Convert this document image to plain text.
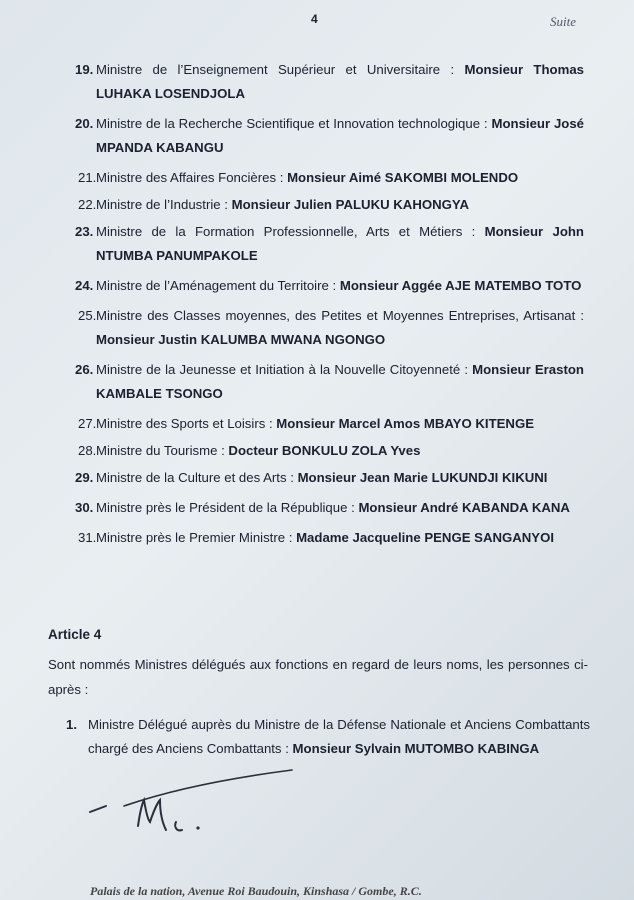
4	Suite
19. Ministre de l’Enseignement Supérieur et Universitaire : Monsieur Thomas LUHAKA LOSENDJOLA
20. Ministre de la Recherche Scientifique et Innovation technologique : Monsieur José MPANDA KABANGU
21. Ministre des Affaires Foncières : Monsieur Aimé SAKOMBI MOLENDO
22. Ministre de l’Industrie : Monsieur Julien PALUKU KAHONGYA
23. Ministre de la Formation Professionnelle, Arts et Métiers : Monsieur John NTUMBA PANUMPAKOLE
24. Ministre de l’Aménagement du Territoire : Monsieur Aggée AJE MATEMBO TOTO
25. Ministre des Classes moyennes, des Petites et Moyennes Entreprises, Artisanat : Monsieur Justin KALUMBA MWANA NGONGO
26. Ministre de la Jeunesse et Initiation à la Nouvelle Citoyenneté : Monsieur Eraston KAMBALE TSONGO
27. Ministre des Sports et Loisirs : Monsieur Marcel Amos MBAYO KITENGE
28. Ministre du Tourisme : Docteur BONKULU ZOLA Yves
29. Ministre de la Culture et des Arts : Monsieur Jean Marie LUKUNDJI KIKUNI
30. Ministre près le Président de la République : Monsieur André KABANDA KANA
31. Ministre près le Premier Ministre : Madame Jacqueline PENGE SANGANYOI
Article 4
Sont nommés Ministres délégués aux fonctions en regard de leurs noms, les personnes ci-après :
1. Ministre Délégué auprès du Ministre de la Défense Nationale et Anciens Combattants chargé des Anciens Combattants : Monsieur Sylvain MUTOMBO KABINGA
Palais de la nation, Avenue Roi Baudouin, Kinshasa / Gombe, R.C.
